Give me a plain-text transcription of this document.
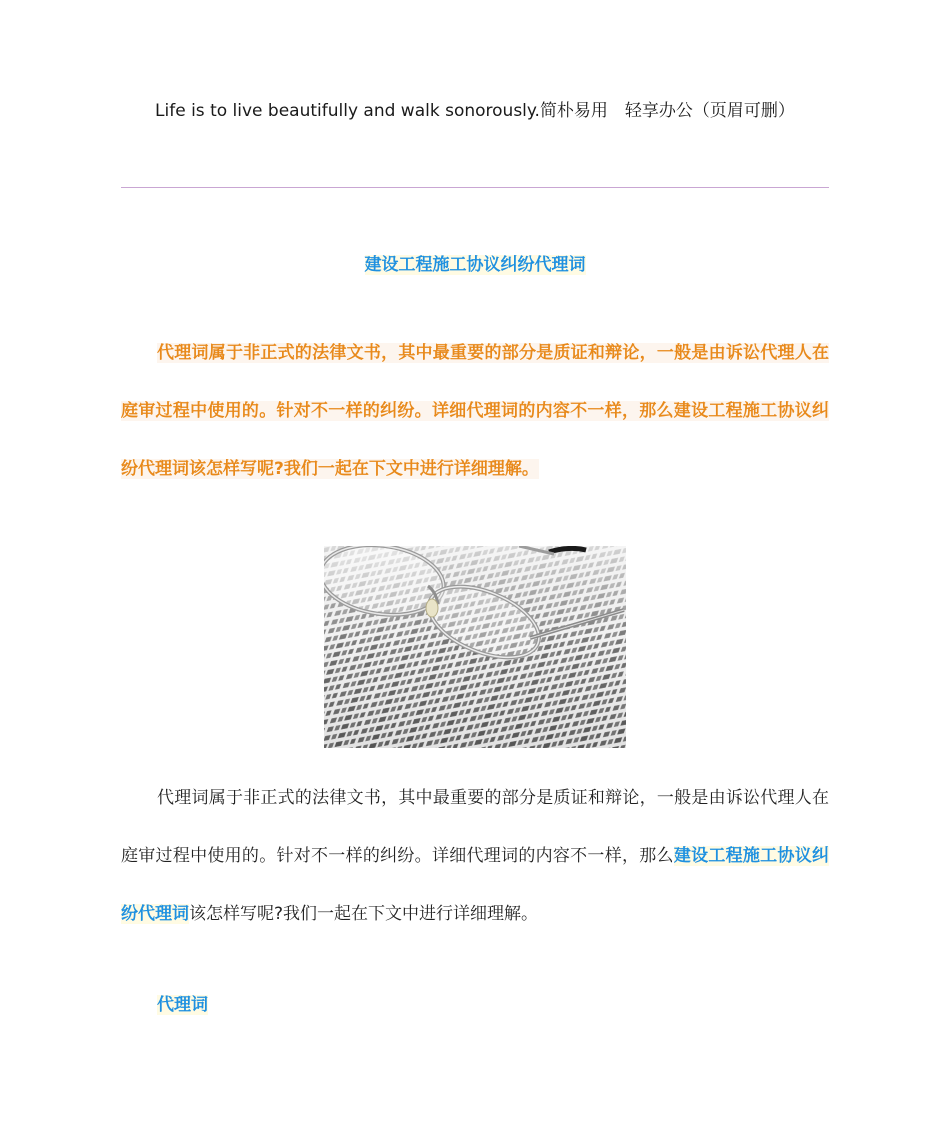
Life is to live beautifully and walk sonorously.简朴易用　轻享办公（页眉可删）
建设工程施工协议纠纷代理词
代理词属于非正式的法律文书，其中最重要的部分是质证和辩论，一般是由诉讼代理人在庭审过程中使用的。针对不一样的纠纷。详细代理词的内容不一样，那么建设工程施工协议纠纷代理词该怎样写呢?我们一起在下文中进行详细理解。
代理词属于非正式的法律文书，其中最重要的部分是质证和辩论，一般是由诉讼代理人在庭审过程中使用的。针对不一样的纠纷。详细代理词的内容不一样，那么建设工程施工协议纠纷代理词该怎样写呢?我们一起在下文中进行详细理解。
代理词
